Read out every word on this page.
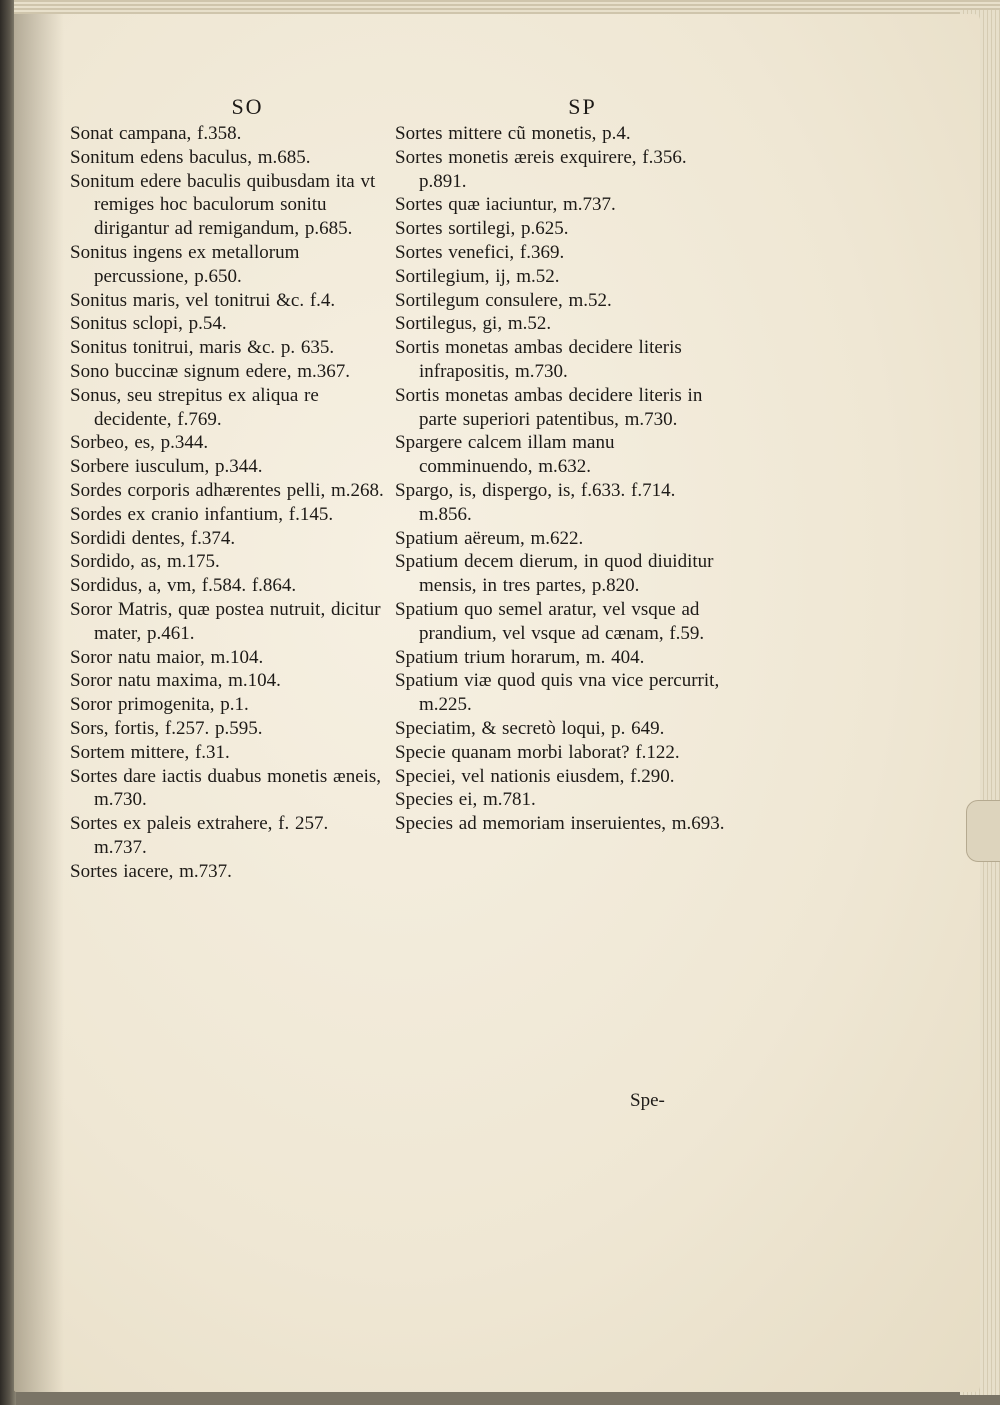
SO

Sonat campana, f.358.

Sonitum edens baculus, m.685.

Sonitum edere baculis quibusdam ita vt remiges hoc baculorum sonitu dirigantur ad remigandum, p.685.

Sonitus ingens ex metallorum percussione, p.650.

Sonitus maris, vel tonitrui &c. f.4.

Sonitus sclopi, p.54.

Sonitus tonitrui, maris &c. p. 635.

Sono buccinæ signum edere, m.367.

Sonus, seu strepitus ex aliqua re decidente, f.769.

Sorbeo, es, p.344.

Sorbere iusculum, p.344.

Sordes corporis adhærentes pelli, m.268.

Sordes ex cranio infantium, f.145.

Sordidi dentes, f.374.

Sordido, as, m.175.

Sordidus, a, vm, f.584. f.864.

Soror Matris, quæ postea nutruit, dicitur mater, p.461.

Soror natu maior, m.104.

Soror natu maxima, m.104.

Soror primogenita, p.1.

Sors, fortis, f.257. p.595.

Sortem mittere, f.31.

Sortes dare iactis duabus monetis æneis, m.730.

Sortes ex paleis extrahere, f. 257. m.737.

Sortes iacere, m.737.

SP

Sortes mittere cũ monetis, p.4.

Sortes monetis æreis exquirere, f.356. p.891.

Sortes quæ iaciuntur, m.737.

Sortes sortilegi, p.625.

Sortes venefici, f.369.

Sortilegium, ij, m.52.

Sortilegum consulere, m.52.

Sortilegus, gi, m.52.

Sortis monetas ambas decidere literis infrapositis, m.730.

Sortis monetas ambas decidere literis in parte superiori patentibus, m.730.

Spargere calcem illam manu comminuendo, m.632.

Spargo, is, dispergo, is, f.633. f.714. m.856.

Spatium aëreum, m.622.

Spatium decem dierum, in quod diuiditur mensis, in tres partes, p.820.

Spatium quo semel aratur, vel vsque ad prandium, vel vsque ad cænam, f.59.

Spatium trium horarum, m. 404.

Spatium viæ quod quis vna vice percurrit, m.225.

Speciatim, & secretò loqui, p. 649.

Specie quanam morbi laborat? f.122.

Speciei, vel nationis eiusdem, f.290.

Species ei, m.781.

Species ad memoriam inseruientes, m.693.

Spe-
